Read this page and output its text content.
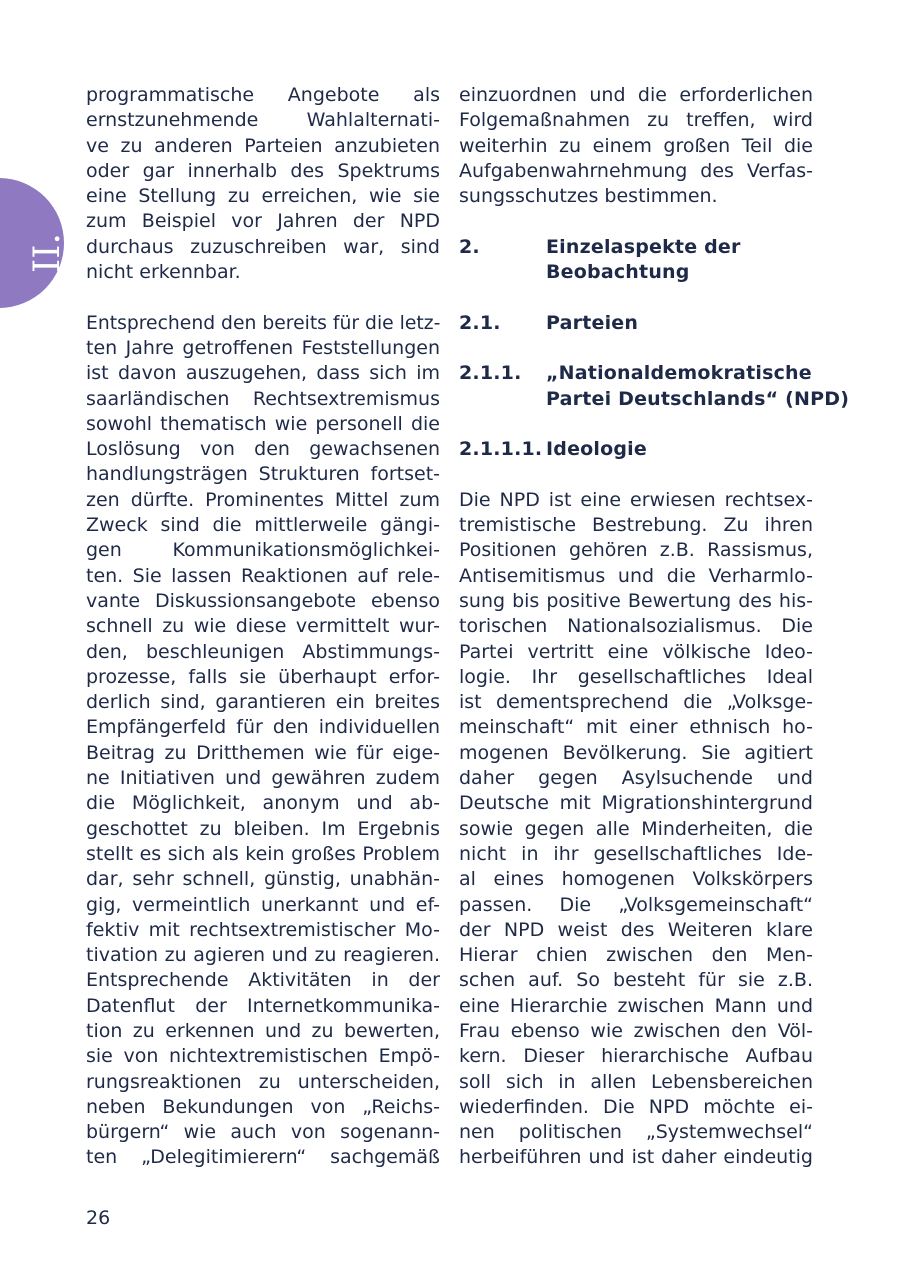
II.
programmatische Angebote als
ernstzunehmende Wahlalternati-
ve zu anderen Parteien anzubieten
oder gar innerhalb des Spektrums
eine Stellung zu erreichen, wie sie
zum Beispiel vor Jahren der NPD
durchaus zuzuschreiben war, sind
nicht erkennbar.
Entsprechend den bereits für die letz-
ten Jahre getroffenen Feststellungen
ist davon auszugehen, dass sich im
saarländischen Rechtsextremismus
sowohl thematisch wie personell die
Loslösung von den gewachsenen
handlungsträgen Strukturen fortset-
zen dürfte. Prominentes Mittel zum
Zweck sind die mittlerweile gängi-
gen Kommunikationsmöglichkei-
ten. Sie lassen Reaktionen auf rele-
vante Diskussionsangebote ebenso
schnell zu wie diese vermittelt wur-
den, beschleunigen Abstimmungs-
prozesse, falls sie überhaupt erfor-
derlich sind, garantieren ein breites
Empfängerfeld für den individuellen
Beitrag zu Dritthemen wie für eige-
ne Initiativen und gewähren zudem
die Möglichkeit, anonym und ab-
geschottet zu bleiben. Im Ergebnis
stellt es sich als kein großes Problem
dar, sehr schnell, günstig, unabhän-
gig, vermeintlich unerkannt und ef-
fektiv mit rechtsextremistischer Mo-
tivation zu agieren und zu reagieren.
Entsprechende Aktivitäten in der
Datenflut der Internetkommunika-
tion zu erkennen und zu bewerten,
sie von nichtextremistischen Empö-
rungsreaktionen zu unterscheiden,
neben Bekundungen von „Reichs-
bürgern“ wie auch von sogenann-
ten „Delegitimierern“ sachgemäß
einzuordnen und die erforderlichen
Folgemaßnahmen zu treffen, wird
weiterhin zu einem großen Teil die
Aufgabenwahrnehmung des Verfas-
sungsschutzes bestimmen.
2.	Einzelaspekte der
Beobachtung
2.1.	Parteien
2.1.1.	„Nationaldemokratische
Partei Deutschlands“ (NPD)
2.1.1.1. Ideologie
Die NPD ist eine erwiesen rechtsex-
tremistische Bestrebung. Zu ihren
Positionen gehören z.B. Rassismus,
Antisemitismus und die Verharmlo-
sung bis positive Bewertung des his-
torischen Nationalsozialismus. Die
Partei vertritt eine völkische Ideo-
logie. Ihr gesellschaftliches Ideal
ist dementsprechend die „Volksge-
meinschaft“ mit einer ethnisch ho-
mogenen Bevölkerung. Sie agitiert
daher gegen Asylsuchende und
Deutsche mit Migrationshintergrund
sowie gegen alle Minderheiten, die
nicht in ihr gesellschaftliches Ide-
al eines homogenen Volkskörpers
passen. Die „Volksgemeinschaft“
der NPD weist des Weiteren klare
Hierar chien zwischen den Men-
schen auf. So besteht für sie z.B.
eine Hierarchie zwischen Mann und
Frau ebenso wie zwischen den Völ-
kern. Dieser hierarchische Aufbau
soll sich in allen Lebensbereichen
wiederfinden. Die NPD möchte ei-
nen politischen „Systemwechsel“
herbeiführen und ist daher eindeutig
26
